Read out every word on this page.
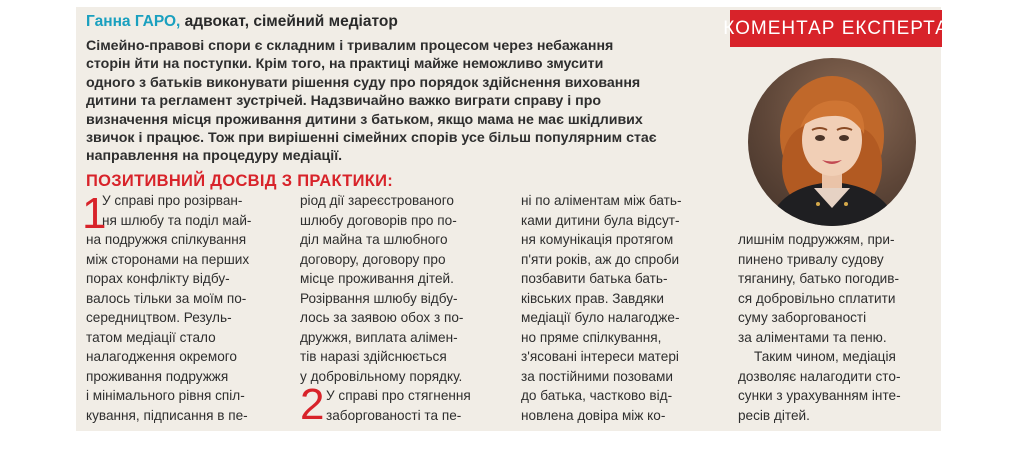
Ганна ГАРО, адвокат, сімейний медіатор	КОМЕНТАР ЕКСПЕРТА
Сімейно-правові спори є складним і тривалим процесом через небажання
сторін йти на поступки. Крім того, на практиці майже неможливо змусити
одного з батьків виконувати рішення суду про порядок здійснення виховання
дитини та регламент зустрічей. Надзвичайно важко виграти справу і про
визначення місця проживання дитини з батьком, якщо мама не має шкідливих
звичок і працює. Тож при вирішенні сімейних спорів усе більш популярним стає
направлення на процедуру медіації.
ПОЗИТИВНИЙ ДОСВІД З ПРАКТИКИ:
1
2
У справі про розірван-
ня шлюбу та поділ май-
на подружжя спілкування
між сторонами на перших
порах конфлікту відбу-
валось тільки за моїм по-
середництвом. Резуль-
татом медіації стало
налагодження окремого
проживання подружжя
і мінімального рівня спіл-
кування, підписання в пе-
ріод дії зареєстрованого
шлюбу договорів про по-
діл майна та шлюбного
договору, договору про
місце проживання дітей.
Розірвання шлюбу відбу-
лось за заявою обох з по-
дружжя, виплата алімен-
тів наразі здійснюється
у добровільному порядку.
У справі про стягнення
заборгованості та пе-
ні по аліментам між бать-
ками дитини була відсут-
ня комунікація протягом
п'яти років, аж до спроби
позбавити батька бать-
ківських прав. Завдяки
медіації було налагодже-
но пряме спілкування,
з'ясовані інтереси матері
за постійними позовами
до батька, частково від-
новлена довіра між ко-
лишнім подружжям, при-
пинено тривалу судову
тяганину, батько погодив-
ся добровільно сплатити
суму заборгованості
за аліментами та пеню.
Таким чином, медіація
дозволяє налагодити сто-
сунки з урахуванням інте-
ресів дітей.
